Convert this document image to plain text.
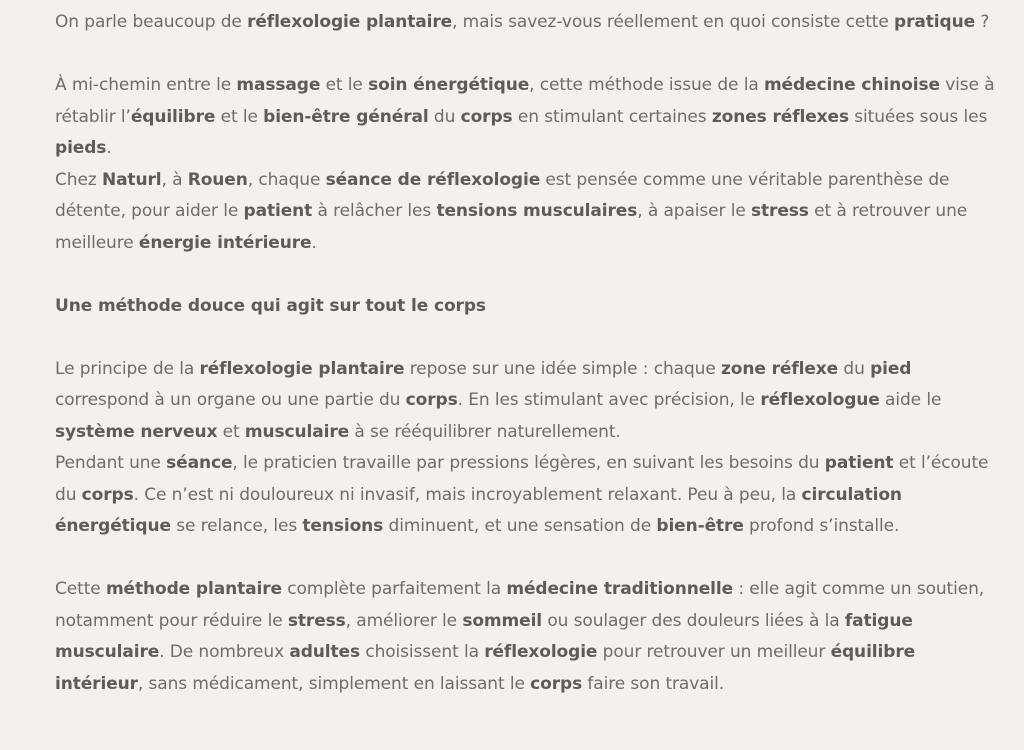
On parle beaucoup de réflexologie plantaire, mais savez-vous réellement en quoi consiste cette pratique ?

À mi-chemin entre le massage et le soin énergétique, cette méthode issue de la médecine chinoise vise à rétablir l’équilibre et le bien-être général du corps en stimulant certaines zones réflexes situées sous les pieds.

Chez Naturl, à Rouen, chaque séance de réflexologie est pensée comme une véritable parenthèse de détente, pour aider le patient à relâcher les tensions musculaires, à apaiser le stress et à retrouver une meilleure énergie intérieure.

Une méthode douce qui agit sur tout le corps

Le principe de la réflexologie plantaire repose sur une idée simple : chaque zone réflexe du pied correspond à un organe ou une partie du corps. En les stimulant avec précision, le réflexologue aide le système nerveux et musculaire à se rééquilibrer naturellement.

Pendant une séance, le praticien travaille par pressions légères, en suivant les besoins du patient et l’écoute du corps. Ce n’est ni douloureux ni invasif, mais incroyablement relaxant. Peu à peu, la circulation énergétique se relance, les tensions diminuent, et une sensation de bien-être profond s’installe.

Cette méthode plantaire complète parfaitement la médecine traditionnelle : elle agit comme un soutien, notamment pour réduire le stress, améliorer le sommeil ou soulager des douleurs liées à la fatigue musculaire. De nombreux adultes choisissent la réflexologie pour retrouver un meilleur équilibre intérieur, sans médicament, simplement en laissant le corps faire son travail.
